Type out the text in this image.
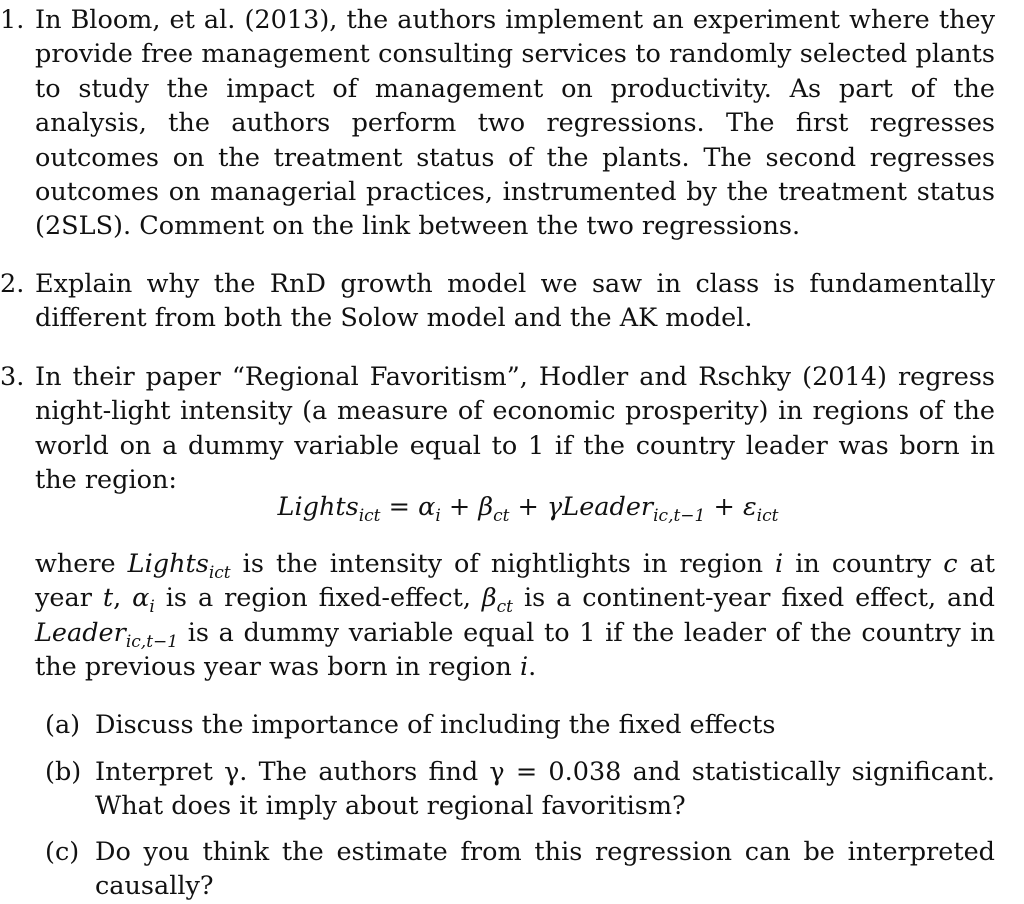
1. In Bloom, et al. (2013), the authors implement an experiment where they provide free management consulting services to randomly selected plants to study the impact of management on productivity. As part of the analysis, the authors perform two regressions. The first regresses outcomes on the treatment status of the plants. The second regresses outcomes on managerial practices, instrumented by the treatment status (2SLS). Comment on the link between the two regressions.

2. Explain why the RnD growth model we saw in class is fundamentally different from both the Solow model and the AK model.

3. In their paper “Regional Favoritism”, Hodler and Rschky (2014) regress night-light intensity (a measure of economic prosperity) in regions of the world on a dummy variable equal to 1 if the country leader was born in the region:

Lights$_{ict}$ = $\alpha_i + \beta_{ct}$ + γLeader$_{ic,t-1}$ + $\varepsilon_{ict}$

where Lights$_{ict}$ is the intensity of nightlights in region i in country c at year t, $\alpha_i$ is a region fixed-effect, $\beta_{ct}$ is a continent-year fixed effect, and Leader$_{ic,t-1}$ is a dummy variable equal to 1 if the leader of the country in the previous year was born in region i.

(a) Discuss the importance of including the fixed effects

(b) Interpret γ. The authors find γ = 0.038 and statistically significant. What does it imply about regional favoritism?

(c) Do you think the estimate from this regression can be interpreted causally?
